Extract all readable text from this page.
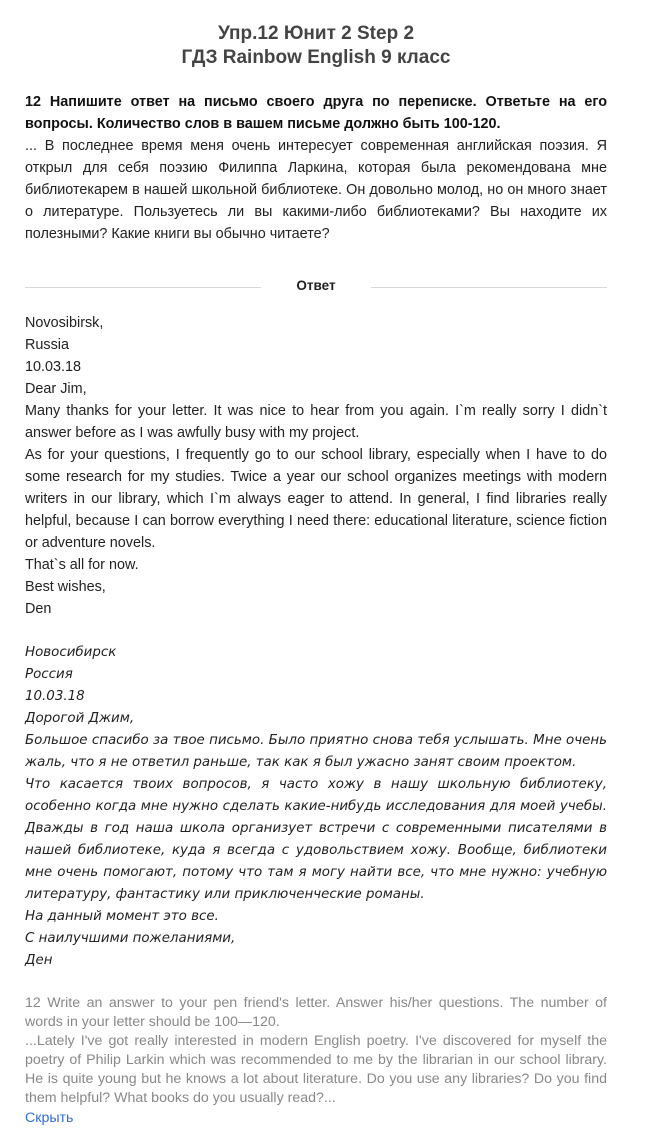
Упр.12 Юнит 2 Step 2
ГДЗ Rainbow English 9 класс
12 Напишите ответ на письмо своего друга по переписке. Ответьте на его вопросы. Количество слов в вашем письме должно быть 100-120.
... В последнее время меня очень интересует современная английская поэзия. Я открыл для себя поэзию Филиппа Ларкина, которая была рекомендована мне библиотекарем в нашей школьной библиотеке. Он довольно молод, но он много знает о литературе. Пользуетесь ли вы какими-либо библиотеками? Вы находите их полезными? Какие книги вы обычно читаете?
Ответ

Novosibirsk,

Russia

10.03.18

Dear Jim,

Many thanks for your letter. It was nice to hear from you again. I`m really sorry I didn`t answer before as I was awfully busy with my project.

As for your questions, I frequently go to our school library, especially when I have to do some research for my studies. Twice a year our school organizes meetings with modern writers in our library, which I`m always eager to attend. In general, I find libraries really helpful, because I can borrow everything I need there: educational literature, science fiction or adventure novels.

That`s all for now.

Best wishes,

Den

Новосибирск

Россия

10.03.18

Дорогой Джим,

Большое спасибо за твое письмо. Было приятно снова тебя услышать. Мне очень жаль, что я не ответил раньше, так как я был ужасно занят своим проектом.

Что касается твоих вопросов, я часто хожу в нашу школьную библиотеку, особенно когда мне нужно сделать какие-нибудь исследования для моей учебы. Дважды в год наша школа организует встречи с современными писателями в нашей библиотеке, куда я всегда с удовольствием хожу. Вообще, библиотеки мне очень помогают, потому что там я могу найти все, что мне нужно: учебную литературу, фантастику или приключенческие романы.

На данный момент это все.

С наилучшими пожеланиями,

Ден

12 Write an answer to your pen friend's letter. Answer his/her questions. The number of words in your letter should be 100—120.

...Lately I've got really interested in modern English poetry. I've discovered for myself the poetry of Philip Larkin which was recommended to me by the librarian in our school library. He is quite young but he knows a lot about literature. Do you use any libraries? Do you find them helpful? What books do you usually read?...

Скрыть
